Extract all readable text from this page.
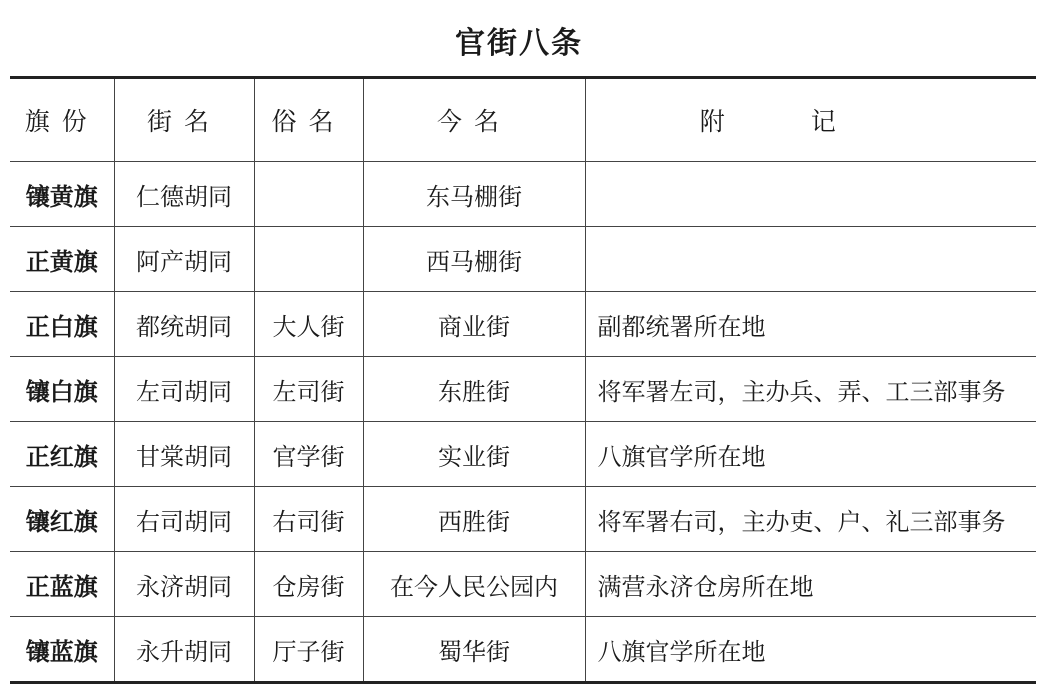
官街八条
旗份	街名	俗名	今名	附记
镶黄旗	仁德胡同		东马棚街	
正黄旗	阿产胡同		西马棚街	
正白旗	都统胡同	大人街	商业街	副都统署所在地
镶白旗	左司胡同	左司街	东胜街	将军署左司，主办兵、弄、工三部事务
正红旗	甘棠胡同	官学街	实业街	八旗官学所在地
镶红旗	右司胡同	右司街	西胜街	将军署右司，主办吏、户、礼三部事务
正蓝旗	永济胡同	仓房街	在今人民公园内	满营永济仓房所在地
镶蓝旗	永升胡同	厅子街	蜀华街	八旗官学所在地
